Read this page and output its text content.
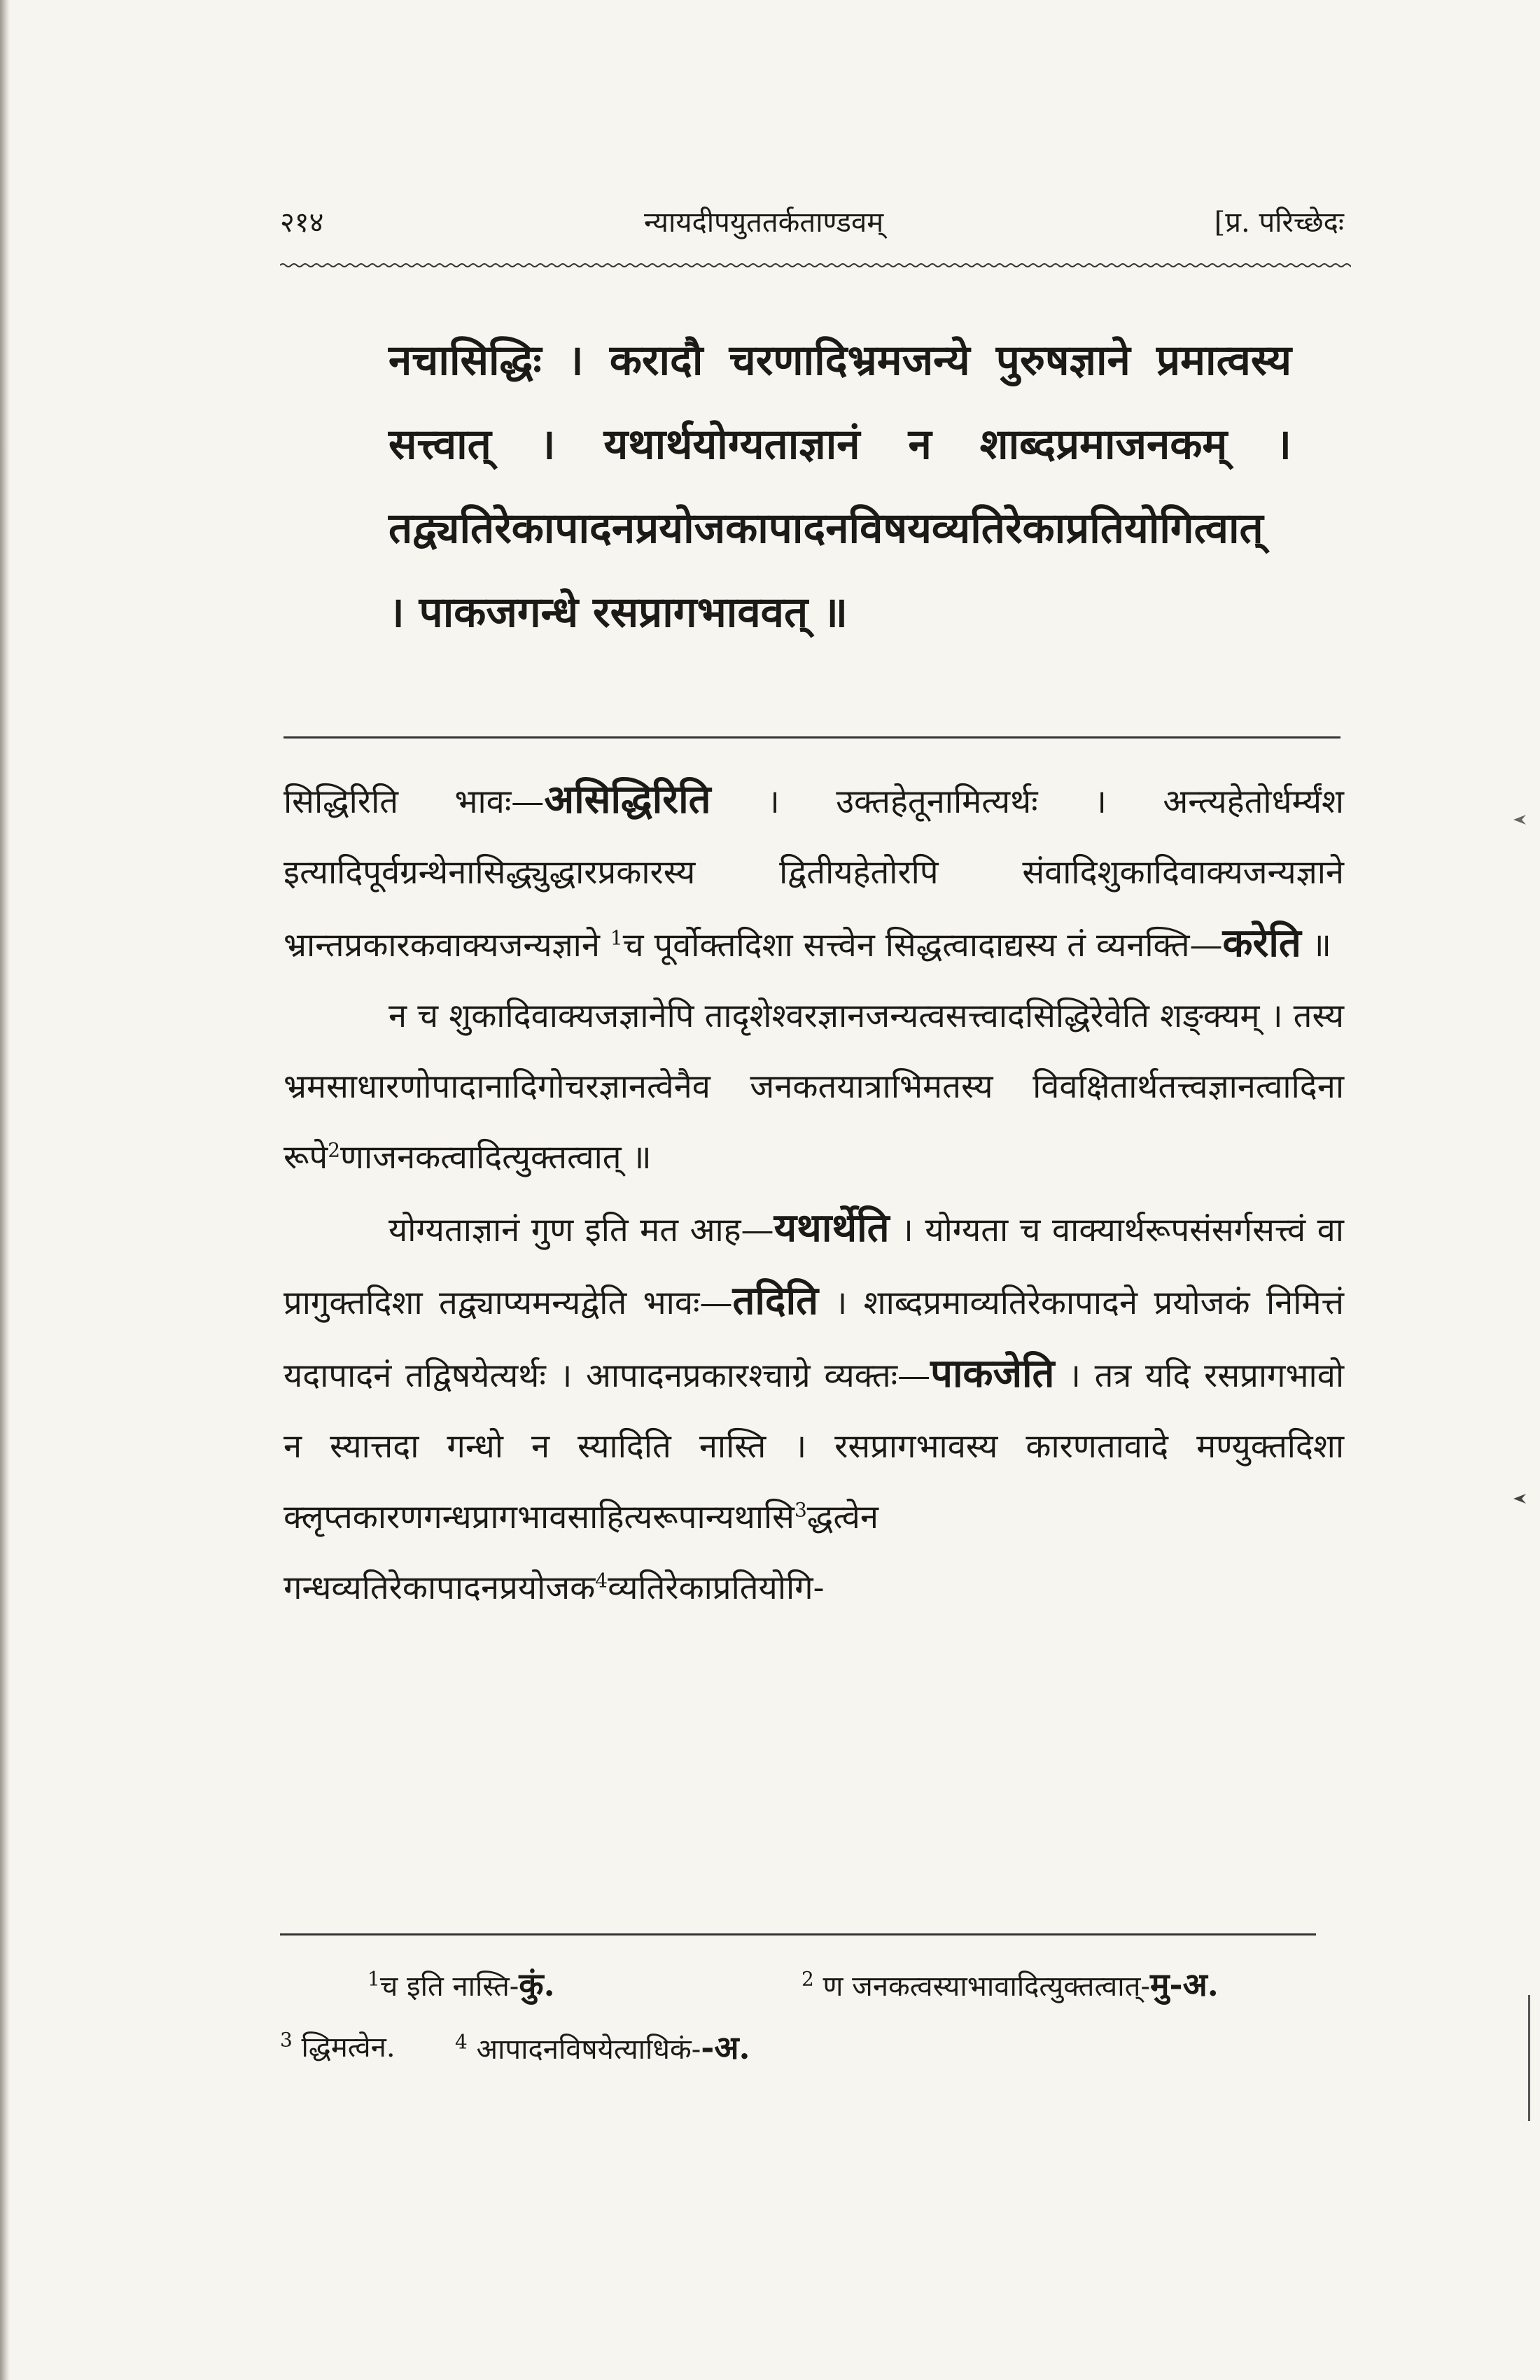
२१४	न्यायदीपयुततर्कताण्डवम्	[प्र. परिच्छेदः
नचासिद्धिः । करादौ चरणादिभ्रमजन्ये पुरुषज्ञाने प्रमात्वस्य सत्त्वात् । यथार्थयोग्यताज्ञानं न शाब्दप्रमाजनकम् । तद्व्यतिरेकापादनप्रयोजकापादनविषयव्यतिरेकाप्रतियोगित्वात् । पाकजगन्धे रसप्रागभाववत् ॥

सिद्धिरिति भावः—असिद्धिरिति । उक्तहेतूनामित्यर्थः । अन्त्यहेतोर्धर्म्यंश इत्यादिपूर्वग्रन्थेनासिद्ध्युद्धारप्रकारस्य द्वितीयहेतोरपि संवादिशुकादिवाक्यजन्यज्ञाने भ्रान्तप्रकारकवाक्यजन्यज्ञाने $^1$च पूर्वोक्तदिशा सत्त्वेन सिद्धत्वादाद्यस्य तं व्यनक्ति—करेति ॥

न च शुकादिवाक्यजज्ञानेपि तादृशेश्वरज्ञानजन्यत्वसत्त्वादसिद्धिरेवेति शङ्क्यम् । तस्य भ्रमसाधारणोपादानादिगोचरज्ञानत्वेनैव जनकतयात्राभिमतस्य विवक्षितार्थतत्त्वज्ञानत्वादिना रूपे$^2$णाजनकत्वादित्युक्तत्वात् ॥

योग्यताज्ञानं गुण इति मत आह—यथार्थेति । योग्यता च वाक्यार्थरूपसंसर्गसत्त्वं वा प्रागुक्तदिशा तद्व्याप्यमन्यद्वेति भावः—तदिति । शाब्दप्रमाव्यतिरेकापादने प्रयोजकं निमित्तं यदापादनं तद्विषयेत्यर्थः । आपादनप्रकारश्चाग्रे व्यक्तः—पाकजेति । तत्र यदि रसप्रागभावो न स्यात्तदा गन्धो न स्यादिति नास्ति । रसप्रागभावस्य कारणतावादे मण्युक्तदिशा क्लृप्तकारणगन्धप्रागभावसाहित्यरूपान्यथासि$^3$द्धत्वेन गन्धव्यतिरेकापादनप्रयोजक$^4$व्यतिरेकाप्रतियोगि-

$^1$च इति नास्ति-कुं.	$^2$ ण जनकत्वस्याभावादित्युक्तत्वात्-मु-अ.
$^3$ द्धिमत्वेन.	$^4$ आपादनविषयेत्याधिकं--अ.
